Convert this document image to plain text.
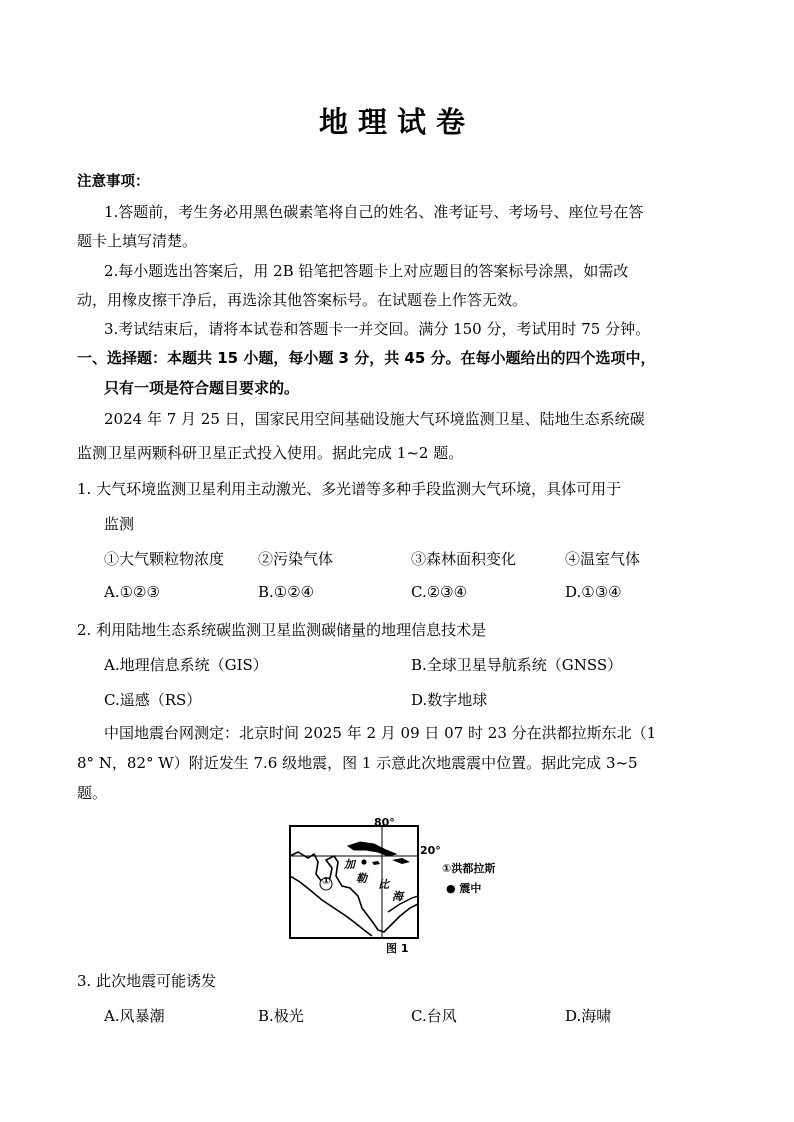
地理试卷
注意事项：
1.答题前，考生务必用黑色碳素笔将自己的姓名、准考证号、考场号、座位号在答
题卡上填写清楚。
2.每小题选出答案后，用 2B 铅笔把答题卡上对应题目的答案标号涂黑，如需改
动，用橡皮擦干净后，再选涂其他答案标号。在试题卷上作答无效。
3.考试结束后，请将本试卷和答题卡一并交回。满分 150 分，考试用时 75 分钟。
一、选择题：本题共 15 小题，每小题 3 分，共 45 分。在每小题给出的四个选项中，
只有一项是符合题目要求的。
2024 年 7 月 25 日，国家民用空间基础设施大气环境监测卫星、陆地生态系统碳
监测卫星两颗科研卫星正式投入使用。据此完成 1~2 题。
1. 大气环境监测卫星利用主动激光、多光谱等多种手段监测大气环境，具体可用于
监测
①大气颗粒物浓度 ②污染气体	③森林面积变化	④温室气体
A.①②③	B.①②④	C.②③④	D.①③④
2. 利用陆地生态系统碳监测卫星监测碳储量的地理信息技术是
A.地理信息系统（GIS）	B.全球卫星导航系统（GNSS）
C.遥感（RS）	D.数字地球
中国地震台网测定：北京时间 2025 年 2 月 09 日 07 时 23 分在洪都拉斯东北（1
8° N，82° W）附近发生 7.6 级地震，图 1 示意此次地震震中位置。据此完成 3~5
题。
80°
20°
①
加
勒 比
海
①洪都拉斯
● 震中
图 1
3. 此次地震可能诱发
A.风暴潮	B.极光	C.台风	D.海啸
